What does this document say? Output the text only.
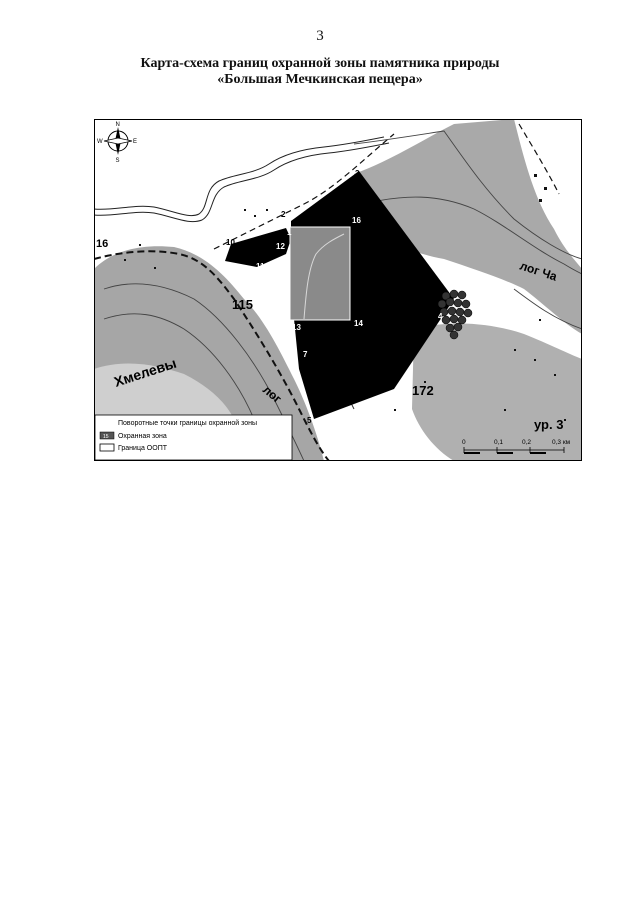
3
Карта-схема границ охранной зоны памятника природы
«Большая Мечкинская пещера»
N
S
E
W
Хмелевы
лог
лог Ча
ур. 3
115
172
16
1
2
3
4
5
6
7
9
10
11
12
13	14
16
Поворотные точки границы охранной зоны
15 Охранная зона
Граница ООПТ
0	0,1	0,2	0,3 км
